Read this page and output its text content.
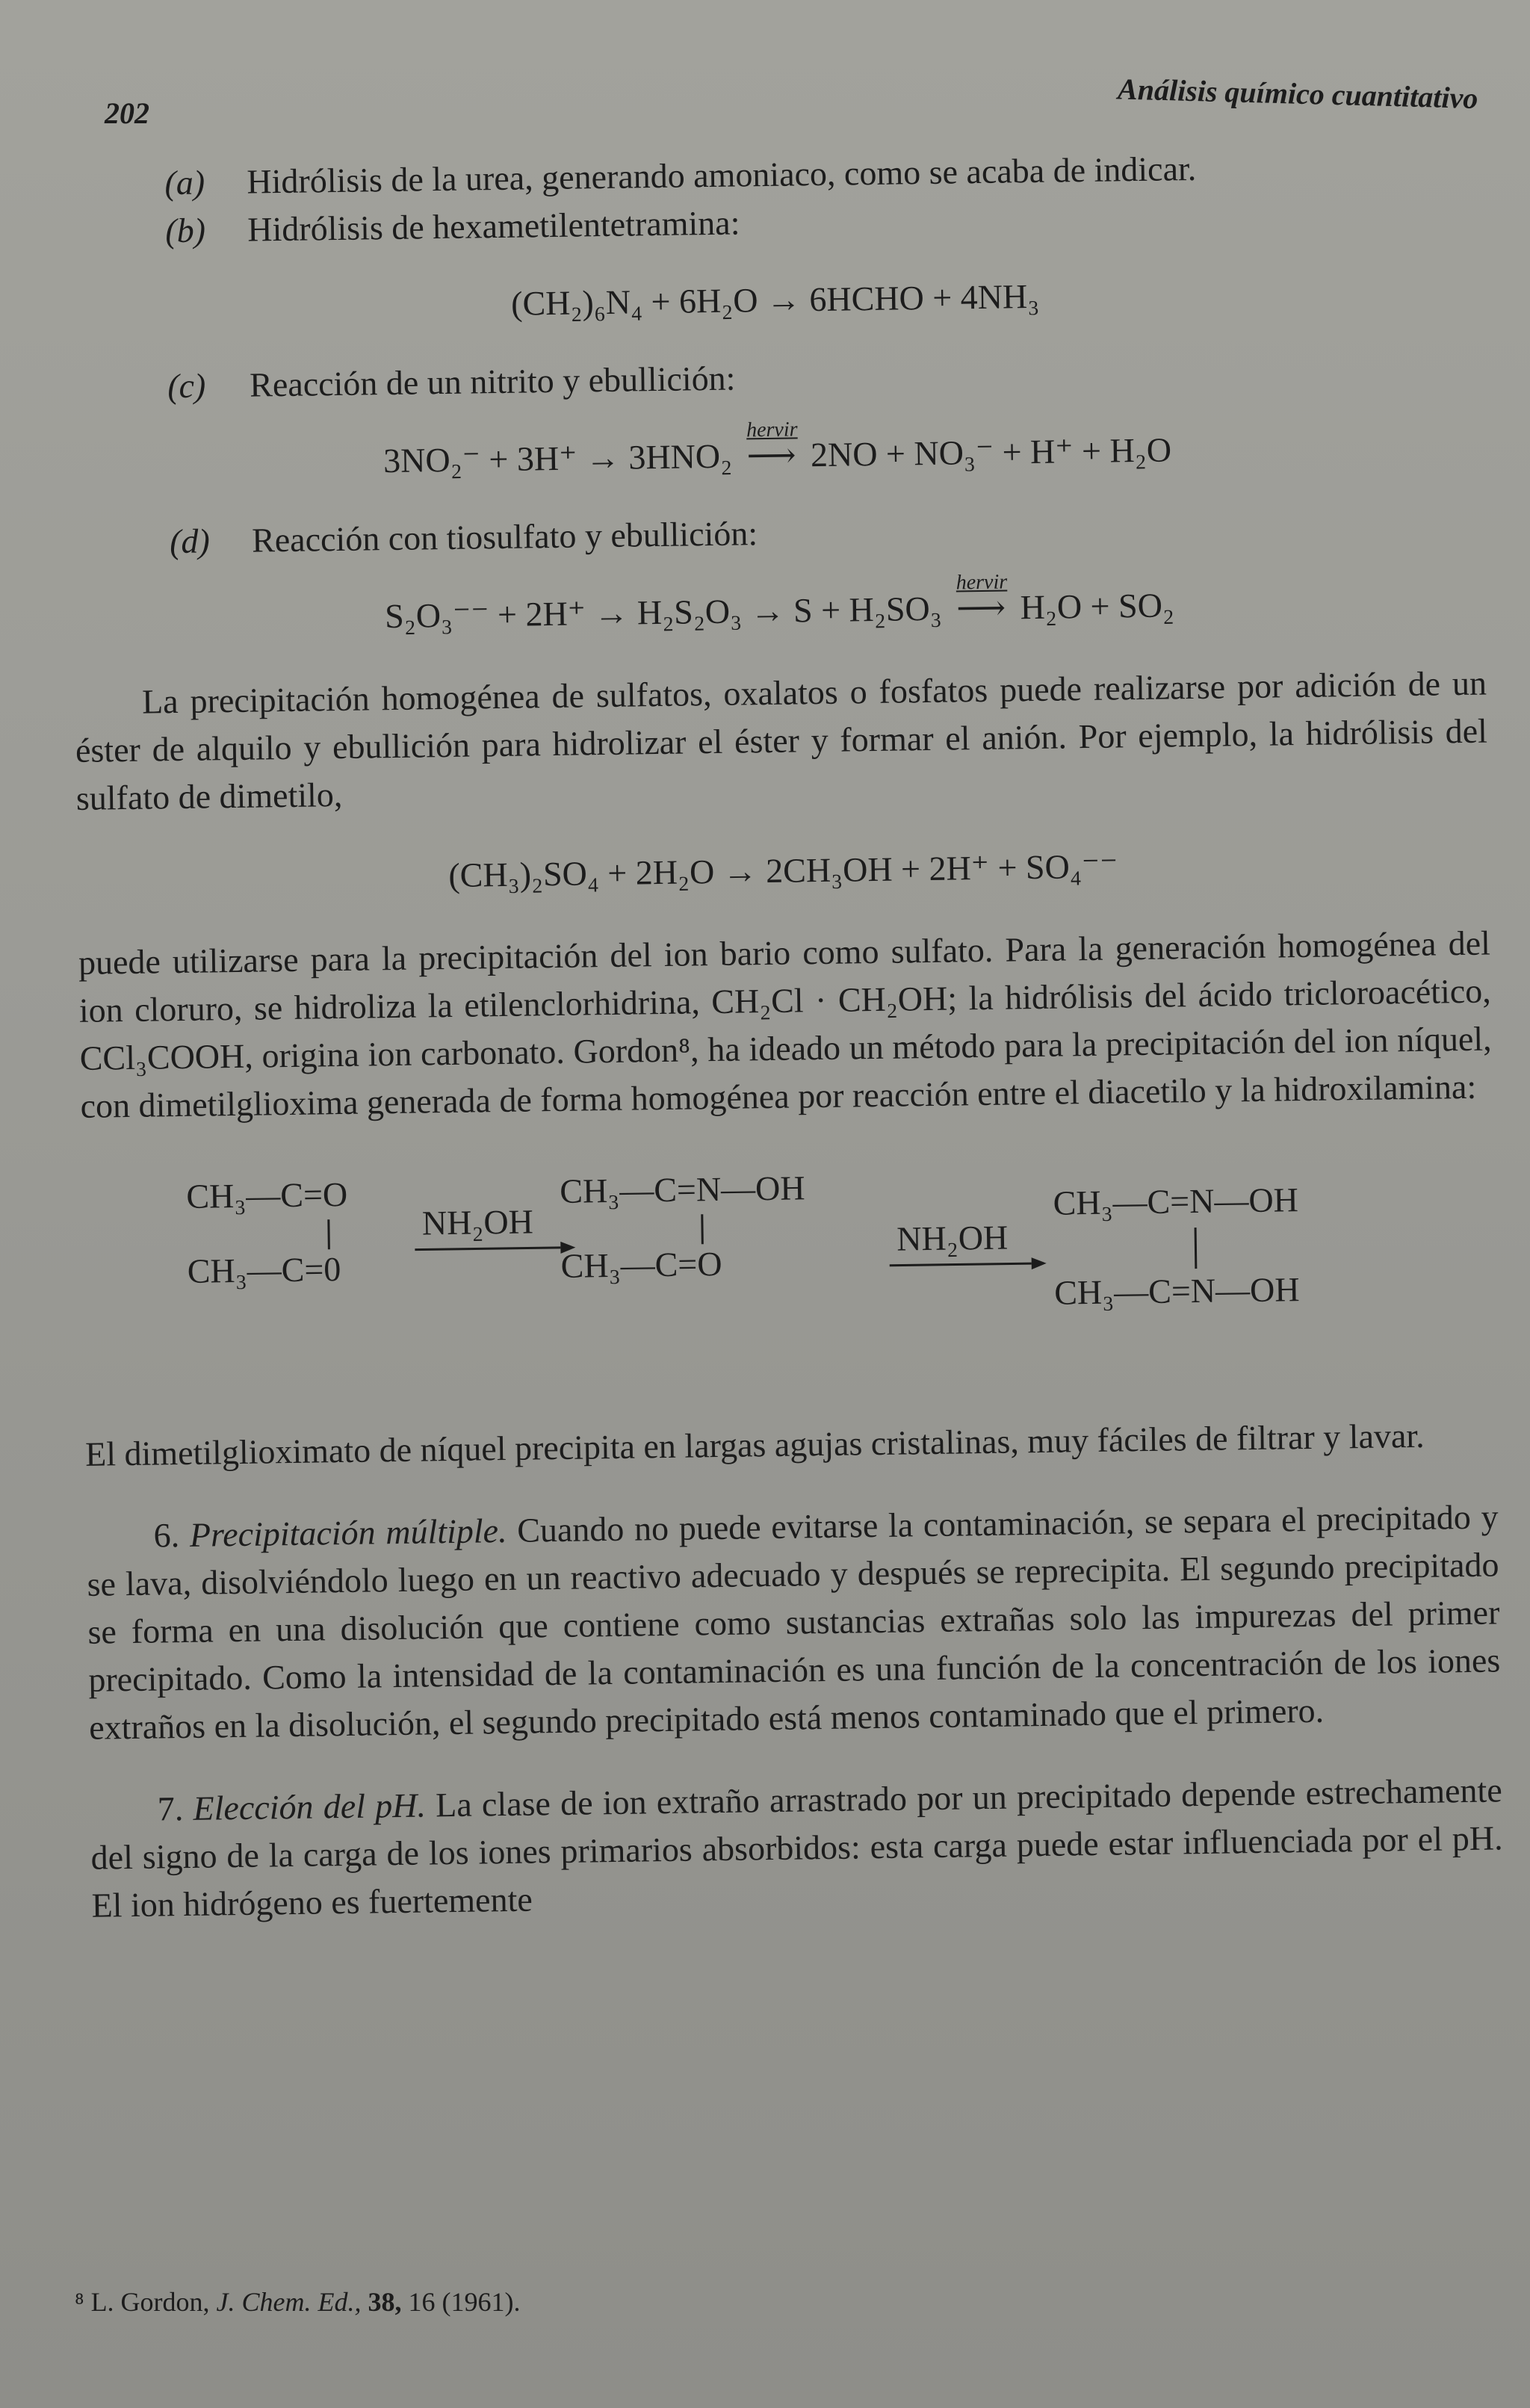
202	Análisis químico cuantitativo
(a) Hidrólisis de la urea, generando amoniaco, como se acaba de indicar.
(b) Hidrólisis de hexametilentetramina:
(CH₂)₆N₄ + 6H₂O → 6HCHO + 4NH₃
(c) Reacción de un nitrito y ebullición:
3NO₂⁻ + 3H⁺ → 3HNO₂
hervir
⟶ 2NO + NO₃⁻ + H⁺ + H₂O
(d) Reacción con tiosulfato y ebullición:
S₂O₃⁻⁻ + 2H⁺ → H₂S₂O₃ → S + H₂SO₃
hervir
⟶ H₂O + SO₂

La precipitación homogénea de sulfatos, oxalatos o fosfatos puede realizarse por adición de un éster de alquilo y ebullición para hidrolizar el éster y formar el anión. Por ejemplo, la hidrólisis del sulfato de dimetilo,

(CH₃)₂SO₄ + 2H₂O → 2CH₃OH + 2H⁺ + SO₄⁻⁻

puede utilizarse para la precipitación del ion bario como sulfato. Para la generación homogénea del ion cloruro, se hidroliza la etilenclorhidrina, CH₂Cl · CH₂OH; la hidrólisis del ácido tricloroacético, CCl₃COOH, origina ion carbonato. Gordon⁸, ha ideado un método para la precipitación del ion níquel, con dimetilglioxima generada de forma homogénea por reacción entre el diacetilo y la hidroxilamina:

CH₃—C=O
CH₃—C=0
NH₂OH
CH₃—C=N—OH
CH₃—C=O
NH₂OH
CH₃—C=N—OH
CH₃—C=N—OH

El dimetilglioximato de níquel precipita en largas agujas cristalinas, muy fáciles de filtrar y lavar.

6. Precipitación múltiple. Cuando no puede evitarse la contaminación, se separa el precipitado y se lava, disolviéndolo luego en un reactivo adecuado y después se reprecipita. El segundo precipitado se forma en una disolución que contiene como sustancias extrañas solo las impurezas del primer precipitado. Como la intensidad de la contaminación es una función de la concentración de los iones extraños en la disolución, el segundo precipitado está menos contaminado que el primero.

7. Elección del pH. La clase de ion extraño arrastrado por un precipitado depende estrechamente del signo de la carga de los iones primarios absorbidos: esta carga puede estar influenciada por el pH. El ion hidrógeno es fuertemente

⁸ L. Gordon, J. Chem. Ed., 38, 16 (1961).
